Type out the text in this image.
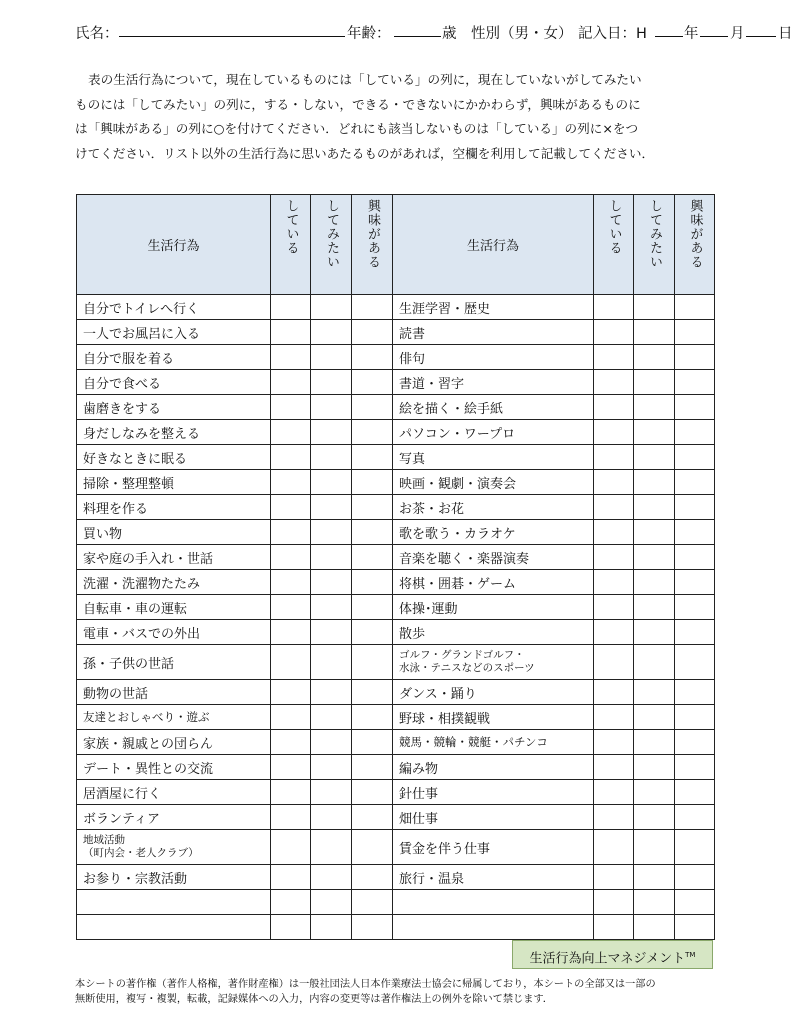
氏名：	年齢：	歳 性別（男・女） 記入日：H	年 月 日

表の生活行為について，現在しているものには「している」の列に，現在していないがしてみたい
ものには「してみたい」の列に，する・しない，できる・できないにかかわらず，興味があるものに
は「興味がある」の列に○を付けてください．どれにも該当しないものは「している」の列に×をつ
けてください．リスト以外の生活行為に思いあたるものがあれば，空欄を利用して記載してください．

生活行為	している	してみたい	興味がある	生活行為	している	してみたい	興味がある
自分でトイレへ行く				生涯学習・歴史			
一人でお風呂に入る				読書			
自分で服を着る				俳句			
自分で食べる				書道・習字			
歯磨きをする				絵を描く・絵手紙			
身だしなみを整える				パソコン・ワープロ			
好きなときに眠る				写真			
掃除・整理整頓				映画・観劇・演奏会			
料理を作る				お茶・お花			
買い物				歌を歌う・カラオケ			
家や庭の手入れ・世話				音楽を聴く・楽器演奏			
洗濯・洗濯物たたみ				将棋・囲碁・ゲーム			
自転車・車の運転				体操･運動			
電車・バスでの外出				散歩			
孫・子供の世話				ゴルフ・グランドゴルフ・
水泳・テニスなどのスポーツ			

動物の世話				ダンス・踊り			
友達とおしゃべり・遊ぶ				野球・相撲観戦			
家族・親戚との団らん				競馬・競輪・競艇・パチンコ			
デート・異性との交流				編み物			
居酒屋に行く				針仕事			
ボランティア				畑仕事			

地域活動
（町内会・老人クラブ）				賃金を伴う仕事			
お参り・宗教活動				旅行・温泉			

生活行為向上マネジメント™
本シートの著作権（著作人格権，著作財産権）は一般社団法人日本作業療法士協会に帰属しており，本シートの全部又は一部の
無断使用，複写・複製，転載，記録媒体への入力，内容の変更等は著作権法上の例外を除いて禁じます．
